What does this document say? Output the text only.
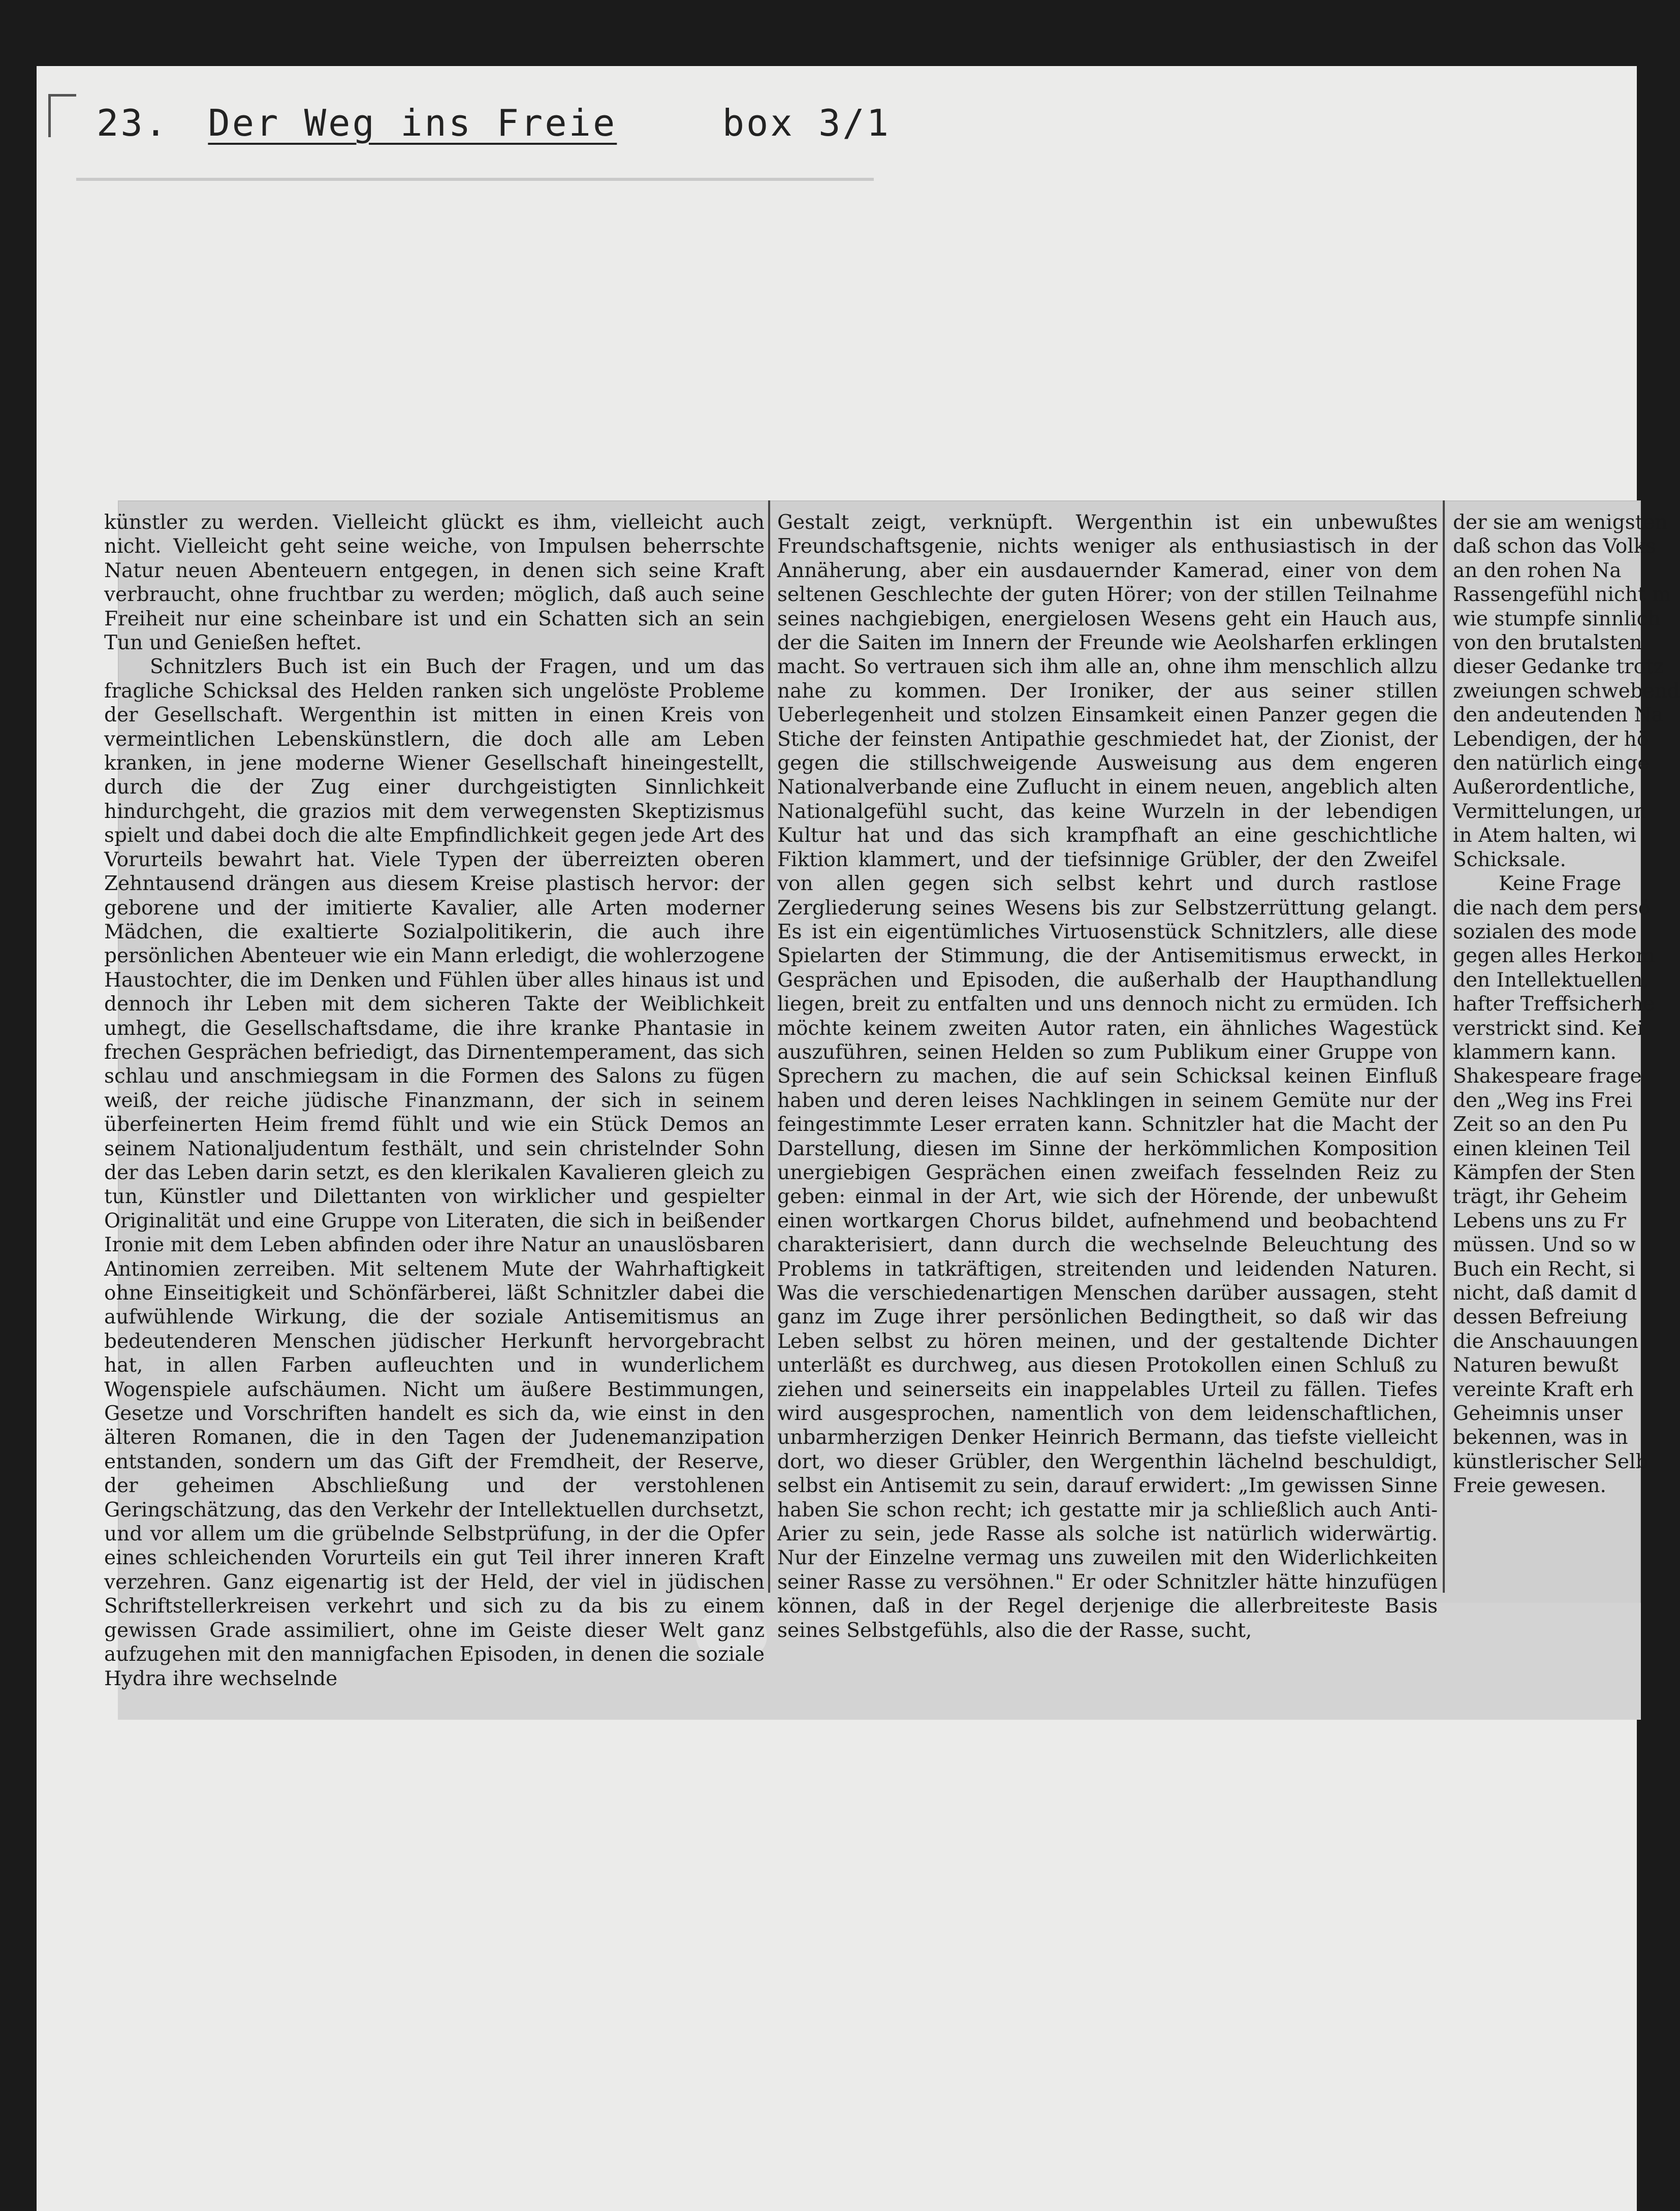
23. Der Weg ins Freie	box 3/1

künstler zu werden. Vielleicht glückt es ihm, vielleicht auch nicht. Vielleicht geht seine weiche, von Impulsen beherrschte Natur neuen Abenteuern entgegen, in denen sich seine Kraft verbraucht, ohne fruchtbar zu werden; möglich, daß auch seine Freiheit nur eine scheinbare ist und ein Schatten sich an sein Tun und Genießen heftet.

Schnitzlers Buch ist ein Buch der Fragen, und um das fragliche Schicksal des Helden ranken sich ungelöste Probleme der Gesellschaft. Wergenthin ist mitten in einen Kreis von vermeintlichen Lebenskünstlern, die doch alle am Leben kranken, in jene moderne Wiener Gesellschaft hineingestellt, durch die der Zug einer durchgeistigten Sinnlichkeit hindurchgeht, die grazios mit dem verwegensten Skeptizismus spielt und dabei doch die alte Empfindlichkeit gegen jede Art des Vorurteils bewahrt hat. Viele Typen der überreizten oberen Zehntausend drängen aus diesem Kreise plastisch hervor: der geborene und der imitierte Kavalier, alle Arten moderner Mädchen, die exaltierte Sozialpolitikerin, die auch ihre persönlichen Abenteuer wie ein Mann erledigt, die wohlerzogene Haustochter, die im Denken und Fühlen über alles hinaus ist und dennoch ihr Leben mit dem sicheren Takte der Weiblichkeit umhegt, die Gesellschaftsdame, die ihre kranke Phantasie in frechen Gesprächen befriedigt, das Dirnentemperament, das sich schlau und anschmiegsam in die Formen des Salons zu fügen weiß, der reiche jüdische Finanzmann, der sich in seinem überfeinerten Heim fremd fühlt und wie ein Stück Demos an seinem Nationaljudentum festhält, und sein christelnder Sohn der das Leben darin setzt, es den klerikalen Kavalieren gleich zu tun, Künstler und Dilettanten von wirklicher und gespielter Originalität und eine Gruppe von Literaten, die sich in beißender Ironie mit dem Leben abfinden oder ihre Natur an unauslösbaren Antinomien zerreiben. Mit seltenem Mute der Wahrhaftigkeit ohne Einseitigkeit und Schönfärberei, läßt Schnitzler dabei die aufwühlende Wirkung, die der soziale Antisemitismus an bedeutenderen Menschen jüdischer Herkunft hervorgebracht hat, in allen Farben aufleuchten und in wunderlichem Wogenspiele aufschäumen. Nicht um äußere Bestimmungen, Gesetze und Vorschriften handelt es sich da, wie einst in den älteren Romanen, die in den Tagen der Judenemanzipation entstanden, sondern um das Gift der Fremdheit, der Reserve, der geheimen Abschließung und der verstohlenen Geringschätzung, das den Verkehr der Intellektuellen durchsetzt, und vor allem um die grübelnde Selbstprüfung, in der die Opfer eines schleichenden Vorurteils ein gut Teil ihrer inneren Kraft verzehren. Ganz eigenartig ist der Held, der viel in jüdischen Schriftstellerkreisen verkehrt und sich zu da bis zu einem gewissen Grade assimiliert, ohne im Geiste dieser Welt ganz aufzugehen mit den mannigfachen Episoden, in denen die soziale Hydra ihre wechselnde

Gestalt zeigt, verknüpft. Wergenthin ist ein unbewußtes Freundschaftsgenie, nichts weniger als enthusiastisch in der Annäherung, aber ein ausdauernder Kamerad, einer von dem seltenen Geschlechte der guten Hörer; von der stillen Teilnahme seines nachgiebigen, energielosen Wesens geht ein Hauch aus, der die Saiten im Innern der Freunde wie Aeolsharfen erklingen macht. So vertrauen sich ihm alle an, ohne ihm menschlich allzu nahe zu kommen. Der Ironiker, der aus seiner stillen Ueberlegenheit und stolzen Einsamkeit einen Panzer gegen die Stiche der feinsten Antipathie geschmiedet hat, der Zionist, der gegen die stillschweigende Ausweisung aus dem engeren Nationalverbande eine Zuflucht in einem neuen, angeblich alten Nationalgefühl sucht, das keine Wurzeln in der lebendigen Kultur hat und das sich krampfhaft an eine geschichtliche Fiktion klammert, und der tiefsinnige Grübler, der den Zweifel von allen gegen sich selbst kehrt und durch rastlose Zergliederung seines Wesens bis zur Selbstzerrüttung gelangt. Es ist ein eigentümliches Virtuosenstück Schnitzlers, alle diese Spielarten der Stimmung, die der Antisemitismus erweckt, in Gesprächen und Episoden, die außerhalb der Haupthandlung liegen, breit zu entfalten und uns dennoch nicht zu ermüden. Ich möchte keinem zweiten Autor raten, ein ähnliches Wagestück auszuführen, seinen Helden so zum Publikum einer Gruppe von Sprechern zu machen, die auf sein Schicksal keinen Einfluß haben und deren leises Nachklingen in seinem Gemüte nur der feingestimmte Leser erraten kann. Schnitzler hat die Macht der Darstellung, diesen im Sinne der herkömmlichen Komposition unergiebigen Gesprächen einen zweifach fesselnden Reiz zu geben: einmal in der Art, wie sich der Hörende, der unbewußt einen wortkargen Chorus bildet, aufnehmend und beobachtend charakterisiert, dann durch die wechselnde Beleuchtung des Problems in tatkräftigen, streitenden und leidenden Naturen. Was die verschiedenartigen Menschen darüber aussagen, steht ganz im Zuge ihrer persönlichen Bedingtheit, so daß wir das Leben selbst zu hören meinen, und der gestaltende Dichter unterläßt es durchweg, aus diesen Protokollen einen Schluß zu ziehen und seinerseits ein inappelables Urteil zu fällen. Tiefes wird ausgesprochen, namentlich von dem leidenschaftlichen, unbarmherzigen Denker Heinrich Bermann, das tiefste vielleicht dort, wo dieser Grübler, den Wergenthin lächelnd beschuldigt, selbst ein Antisemit zu sein, darauf erwidert: „Im gewissen Sinne haben Sie schon recht; ich gestatte mir ja schließlich auch Anti-Arier zu sein, jede Rasse als solche ist natürlich widerwärtig. Nur der Einzelne vermag uns zuweilen mit den Widerlichkeiten seiner Rasse zu versöhnen." Er oder Schnitzler hätte hinzufügen können, daß in der Regel derjenige die allerbreiteste Basis seines Selbstgefühls, also die der Rasse, sucht,

der sie am wenigsten
daß schon das Volks
an den rohen Na
Rassengefühl nicht m
wie stumpfe sinnlich
von den brutalsten
dieser Gedanke trotz
zweiungen schwebend
den andeutenden Na
Lebendigen, der hö
den natürlich einge
Außerordentliche,
Vermittelungen, un
in Atem halten, wi
Schicksale.
Keine Frage
die nach dem persö
sozialen des mode
gegen alles Herkom
den Intellektuellen,
hafter Treffsicherhe
verstrickt sind. Kei
klammern kann.
Shakespeare frage
den „Weg ins Frei
Zeit so an den Pu
einen kleinen Teil
Kämpfen der Sten
trägt, ihr Geheim
Lebens uns zu Fr
müssen. Und so w
Buch ein Recht, si
nicht, daß damit d
dessen Befreiung
die Anschauungen
Naturen bewußt
vereinte Kraft erh
Geheimnis unser
bekennen, was in
künstlerischer Selb
Freie gewesen.
